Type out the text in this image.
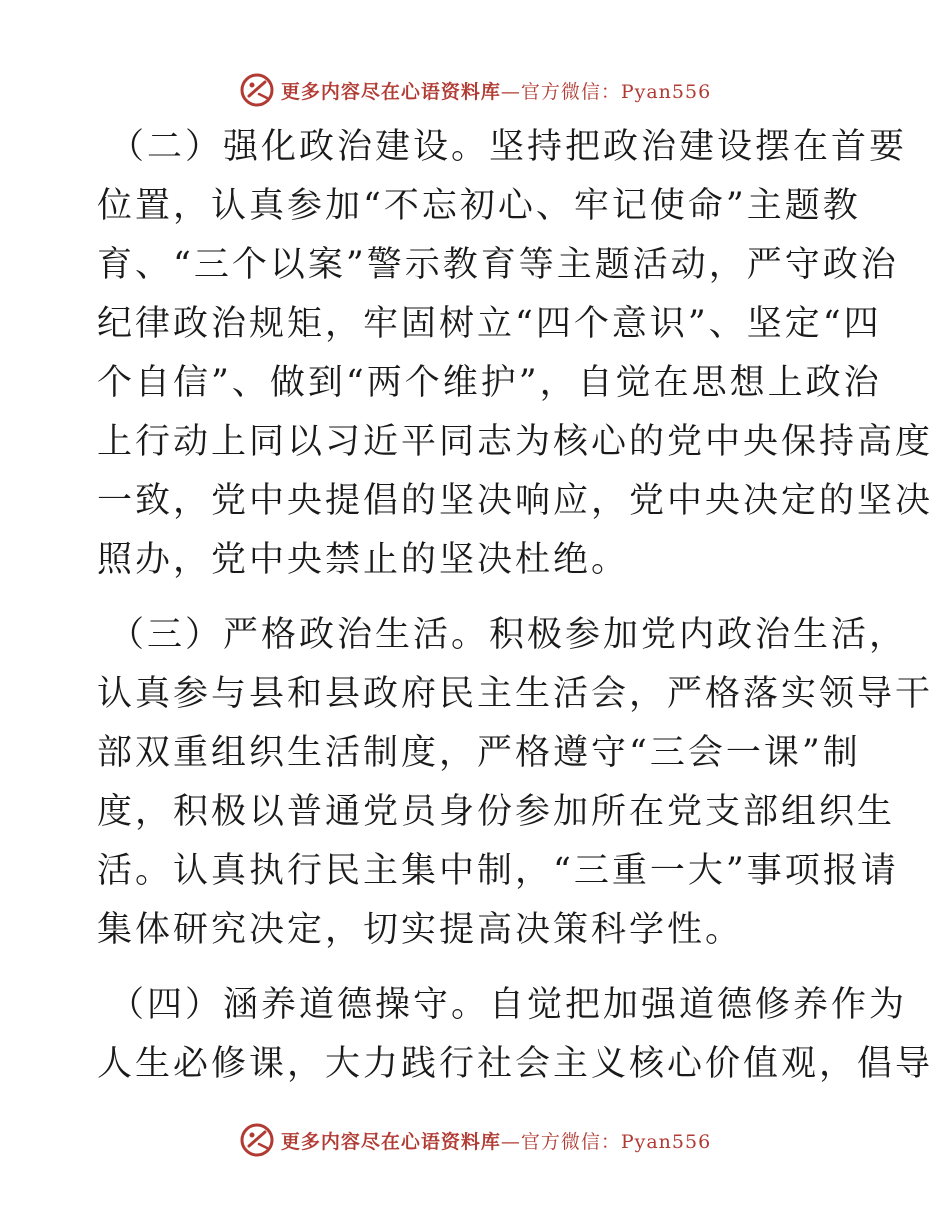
更多内容尽在心语资料库—官方微信：Pyan556
（二）强化政治建设。坚持把政治建设摆在首要
位置，认真参加“不忘初心、牢记使命”主题教
育、“三个以案”警示教育等主题活动，严守政治
纪律政治规矩，牢固树立“四个意识”、坚定“四
个自信”、做到“两个维护”，自觉在思想上政治
上行动上同以习近平同志为核心的党中央保持高度
一致，党中央提倡的坚决响应，党中央决定的坚决
照办，党中央禁止的坚决杜绝。
（三）严格政治生活。积极参加党内政治生活，
认真参与县和县政府民主生活会，严格落实领导干
部双重组织生活制度，严格遵守“三会一课”制
度，积极以普通党员身份参加所在党支部组织生
活。认真执行民主集中制，“三重一大”事项报请
集体研究决定，切实提高决策科学性。
（四）涵养道德操守。自觉把加强道德修养作为
人生必修课，大力践行社会主义核心价值观，倡导
更多内容尽在心语资料库—官方微信：Pyan556
